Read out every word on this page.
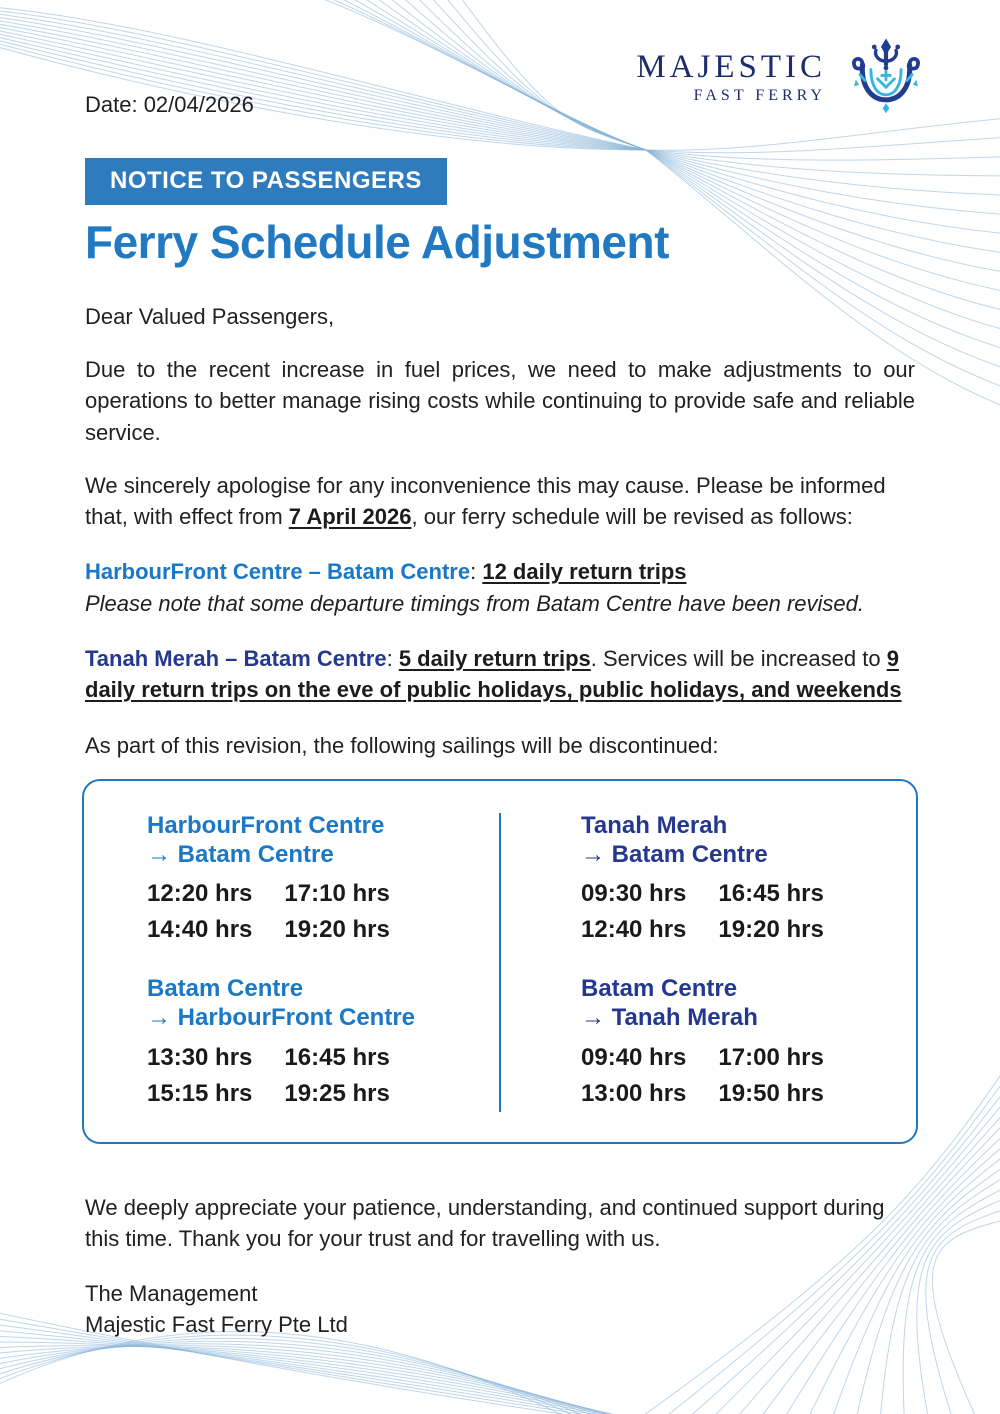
MAJESTIC
FAST FERRY
Date: 02/04/2026
NOTICE TO PASSENGERS
Ferry Schedule Adjustment

Dear Valued Passengers,

Due to the recent increase in fuel prices, we need to make adjustments to our operations to better manage rising costs while continuing to provide safe and reliable service.

We sincerely apologise for any inconvenience this may cause. Please be informed that, with effect from 7 April 2026, our ferry schedule will be revised as follows:

HarbourFront Centre – Batam Centre: 12 daily return trips
Please note that some departure timings from Batam Centre have been revised.

Tanah Merah – Batam Centre: 5 daily return trips. Services will be increased to 9 daily return trips on the eve of public holidays, public holidays, and weekends

As part of this revision, the following sailings will be discontinued:

HarbourFront Centre
→ Batam Centre
12:20 hrs 17:10 hrs
14:40 hrs 19:20 hrs
Batam Centre
→ HarbourFront Centre
13:30 hrs 16:45 hrs
15:15 hrs 19:25 hrs
Tanah Merah
→ Batam Centre
09:30 hrs 16:45 hrs
12:40 hrs 19:20 hrs
Batam Centre
→ Tanah Merah
09:40 hrs 17:00 hrs
13:00 hrs 19:50 hrs

We deeply appreciate your patience, understanding, and continued support during this time. Thank you for your trust and for travelling with us.

The Management
Majestic Fast Ferry Pte Ltd
